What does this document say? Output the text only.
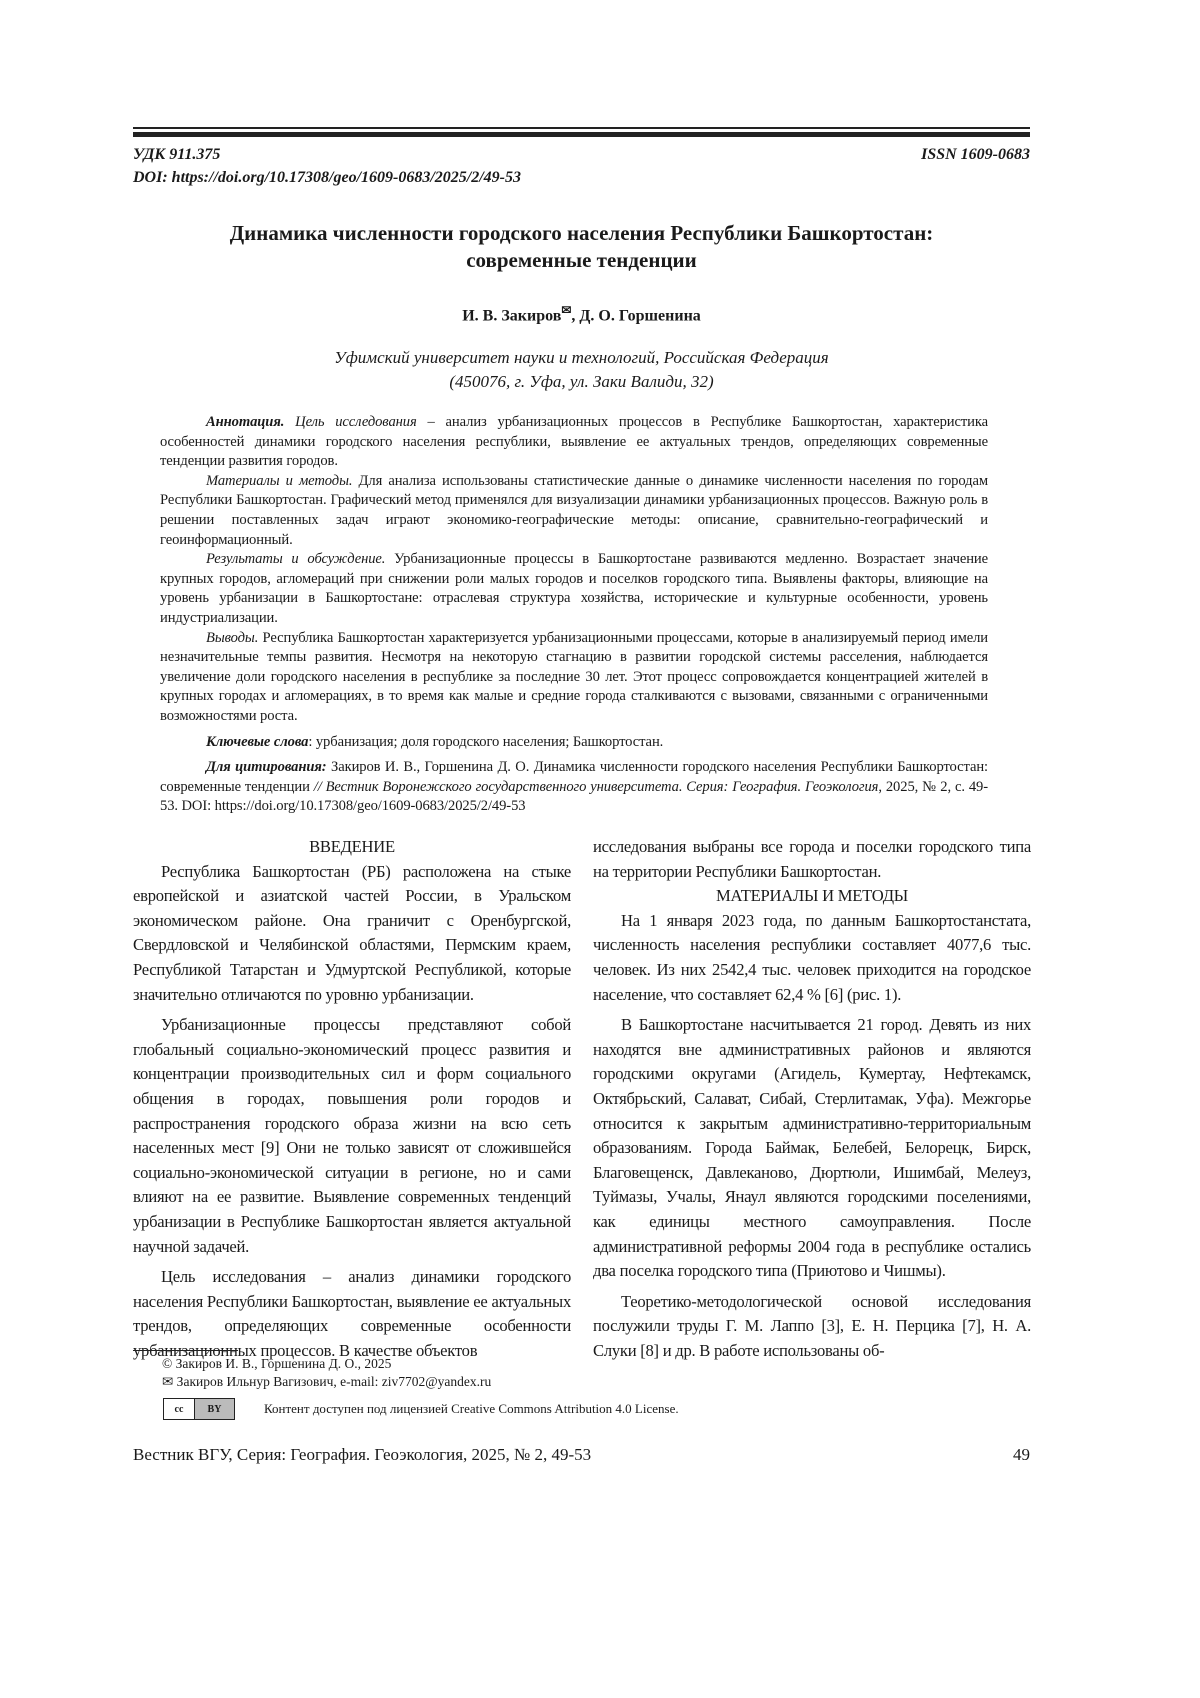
УДК 911.375	ISSN 1609-0683
DOI: https://doi.org/10.17308/geo/1609-0683/2025/2/49-53
Динамика численности городского населения Республики Башкортостан:
современные тенденции
И. В. Закиров✉, Д. О. Горшенина
Уфимский университет науки и технологий, Российская Федерация
(450076, г. Уфа, ул. Заки Валиди, 32)

Аннотация. Цель исследования – анализ урбанизационных процессов в Республике Башкортостан, характеристика особенностей динамики городского населения республики, выявление ее актуальных трендов, определяющих современные тенденции развития городов.

Материалы и методы. Для анализа использованы статистические данные о динамике численности населения по городам Республики Башкортостан. Графический метод применялся для визуализации динамики урбанизационных процессов. Важную роль в решении поставленных задач играют экономико-географические методы: описание, сравнительно-географический и геоинформационный.

Результаты и обсуждение. Урбанизационные процессы в Башкортостане развиваются медленно. Возрастает значение крупных городов, агломераций при снижении роли малых городов и поселков городского типа. Выявлены факторы, влияющие на уровень урбанизации в Башкортостане: отраслевая структура хозяйства, исторические и культурные особенности, уровень индустриализации.

Выводы. Республика Башкортостан характеризуется урбанизационными процессами, которые в анализируемый период имели незначительные темпы развития. Несмотря на некоторую стагнацию в развитии городской системы расселения, наблюдается увеличение доли городского населения в республике за последние 30 лет. Этот процесс сопровождается концентрацией жителей в крупных городах и агломерациях, в то время как малые и средние города сталкиваются с вызовами, связанными с ограниченными возможностями роста.

Ключевые слова: урбанизация; доля городского населения; Башкортостан.

Для цитирования: Закиров И. В., Горшенина Д. О. Динамика численности городского населения Республики Башкортостан: современные тенденции // Вестник Воронежского государственного университета. Серия: География. Геоэкология, 2025, № 2, с. 49-53. DOI: https://doi.org/10.17308/geo/1609-0683/2025/2/49-53

ВВЕДЕНИЕ

Республика Башкортостан (РБ) расположена на стыке европейской и азиатской частей России, в Уральском экономическом районе. Она граничит с Оренбургской, Свердловской и Челябинской областями, Пермским краем, Республикой Татарстан и Удмуртской Республикой, которые значительно отличаются по уровню урбанизации.

Урбанизационные процессы представляют собой глобальный социально-экономический процесс развития и концентрации производительных сил и форм социального общения в городах, повышения роли городов и распространения городского образа жизни на всю сеть населенных мест [9] Они не только зависят от сложившейся социально-экономической ситуации в регионе, но и сами влияют на ее развитие. Выявление современных тенденций урбанизации в Республике Башкортостан является актуальной научной задачей.

Цель исследования – анализ динамики городского населения Республики Башкортостан, выявление ее актуальных трендов, определяющих современные особенности урбанизационных процессов. В качестве объектов

исследования выбраны все города и поселки городского типа на территории Республики Башкортостан.

МАТЕРИАЛЫ И МЕТОДЫ

На 1 января 2023 года, по данным Башкортостанстата, численность населения республики составляет 4077,6 тыс. человек. Из них 2542,4 тыс. человек приходится на городское население, что составляет 62,4 % [6] (рис. 1).

В Башкортостане насчитывается 21 город. Девять из них находятся вне административных районов и являются городскими округами (Агидель, Кумертау, Нефтекамск, Октябрьский, Салават, Сибай, Стерлитамак, Уфа). Межгорье относится к закрытым административно-территориальным образованиям. Города Баймак, Белебей, Белорецк, Бирск, Благовещенск, Давлеканово, Дюртюли, Ишимбай, Мелеуз, Туймазы, Учалы, Янаул являются городскими поселениями, как единицы местного самоуправления. После административной реформы 2004 года в республике остались два поселка городского типа (Приютово и Чишмы).

Теоретико-методологической основой исследования послужили труды Г. М. Лаппо [3], Е. Н. Перцика [7], Н. А. Слуки [8] и др. В работе использованы об-

© Закиров И. В., Горшенина Д. О., 2025
✉ Закиров Ильнур Вагизович, e-mail: ziv7702@yandex.ru
cc	BY	Контент доступен под лицензией Creative Commons Attribution 4.0 License.
Вестник ВГУ, Серия: География. Геоэкология, 2025, № 2, 49-53	49
